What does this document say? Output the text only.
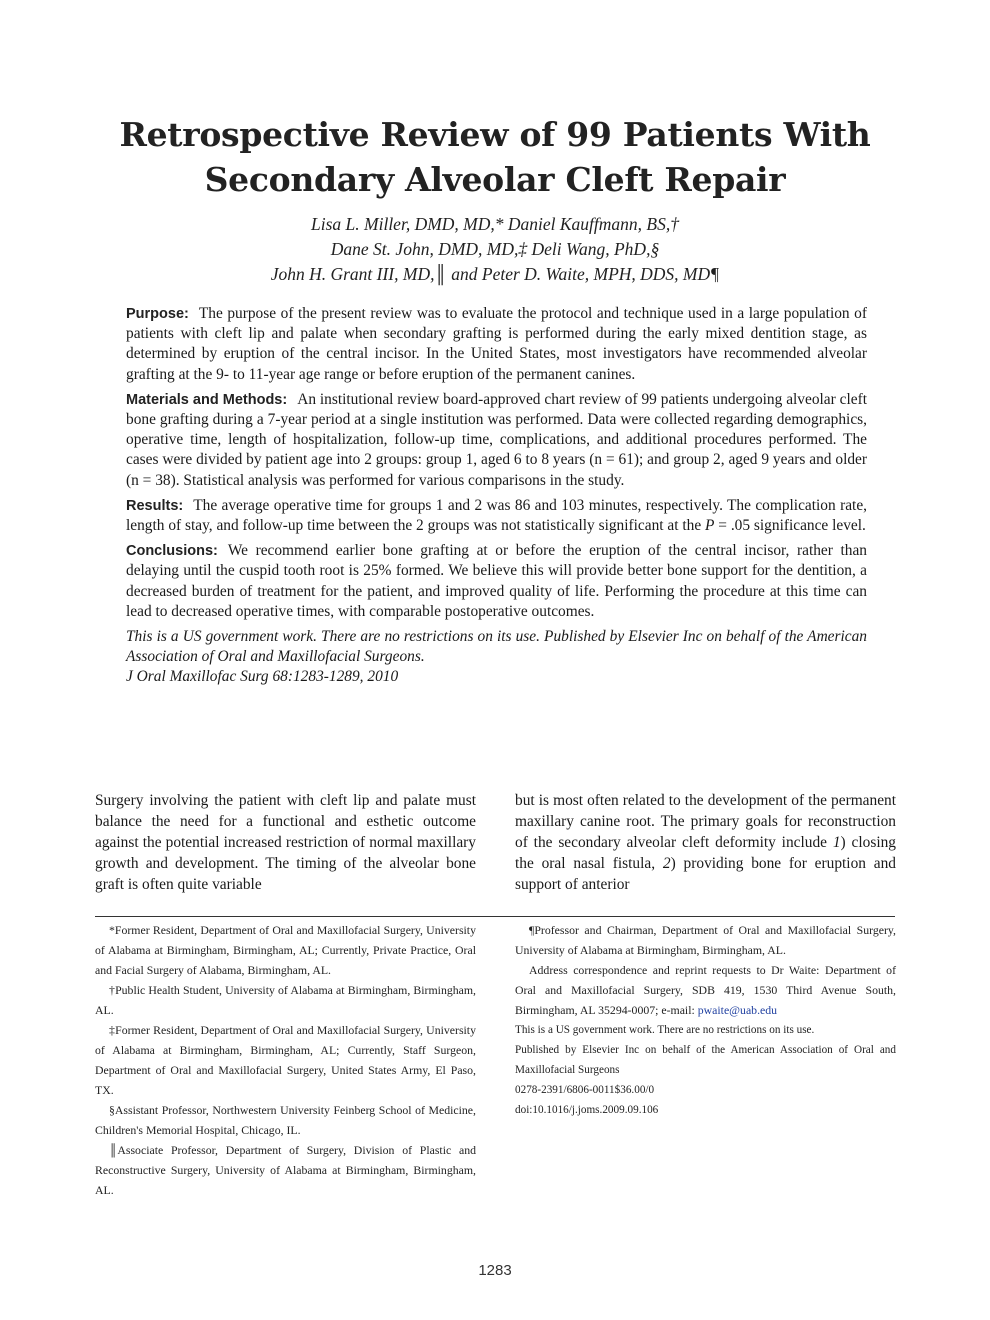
Retrospective Review of 99 Patients With
Secondary Alveolar Cleft Repair
Lisa L. Miller, DMD, MD,* Daniel Kauffmann, BS,†
Dane St. John, DMD, MD,‡ Deli Wang, PhD,§
John H. Grant III, MD,║ and Peter D. Waite, MPH, DDS, MD¶

Purpose: The purpose of the present review was to evaluate the protocol and technique used in a large population of patients with cleft lip and palate when secondary grafting is performed during the early mixed dentition stage, as determined by eruption of the central incisor. In the United States, most investigators have recommended alveolar grafting at the 9- to 11-year age range or before eruption of the permanent canines.

Materials and Methods: An institutional review board-approved chart review of 99 patients undergoing alveolar cleft bone grafting during a 7-year period at a single institution was performed. Data were collected regarding demographics, operative time, length of hospitalization, follow-up time, complications, and additional procedures performed. The cases were divided by patient age into 2 groups: group 1, aged 6 to 8 years (n = 61); and group 2, aged 9 years and older (n = 38). Statistical analysis was performed for various comparisons in the study.

Results: The average operative time for groups 1 and 2 was 86 and 103 minutes, respectively. The complication rate, length of stay, and follow-up time between the 2 groups was not statistically significant at the P = .05 significance level.

Conclusions: We recommend earlier bone grafting at or before the eruption of the central incisor, rather than delaying until the cuspid tooth root is 25% formed. We believe this will provide better bone support for the dentition, a decreased burden of treatment for the patient, and improved quality of life. Performing the procedure at this time can lead to decreased operative times, with comparable postoperative outcomes.

This is a US government work. There are no restrictions on its use. Published by Elsevier Inc on behalf of the American Association of Oral and Maxillofacial Surgeons.

J Oral Maxillofac Surg 68:1283-1289, 2010

Surgery involving the patient with cleft lip and palate must balance the need for a functional and esthetic outcome against the potential increased restriction of normal maxillary growth and development. The timing of the alveolar bone graft is often quite variable
but is most often related to the development of the permanent maxillary canine root. The primary goals for reconstruction of the secondary alveolar cleft deformity include 1) closing the oral nasal fistula, 2) providing bone for eruption and support of anterior

*Former Resident, Department of Oral and Maxillofacial Surgery, University of Alabama at Birmingham, Birmingham, AL; Currently, Private Practice, Oral and Facial Surgery of Alabama, Birmingham, AL.

†Public Health Student, University of Alabama at Birmingham, Birmingham, AL.

‡Former Resident, Department of Oral and Maxillofacial Surgery, University of Alabama at Birmingham, Birmingham, AL; Currently, Staff Surgeon, Department of Oral and Maxillofacial Surgery, United States Army, El Paso, TX.

§Assistant Professor, Northwestern University Feinberg School of Medicine, Children's Memorial Hospital, Chicago, IL.

║Associate Professor, Department of Surgery, Division of Plastic and Reconstructive Surgery, University of Alabama at Birmingham, Birmingham, AL.

¶Professor and Chairman, Department of Oral and Maxillofacial Surgery, University of Alabama at Birmingham, Birmingham, AL.

Address correspondence and reprint requests to Dr Waite: Department of Oral and Maxillofacial Surgery, SDB 419, 1530 Third Avenue South, Birmingham, AL 35294-0007; e-mail: pwaite@uab.edu

This is a US government work. There are no restrictions on its use.

Published by Elsevier Inc on behalf of the American Association of Oral and Maxillofacial Surgeons

0278-2391/6806-0011$36.00/0

doi:10.1016/j.joms.2009.09.106

1283
